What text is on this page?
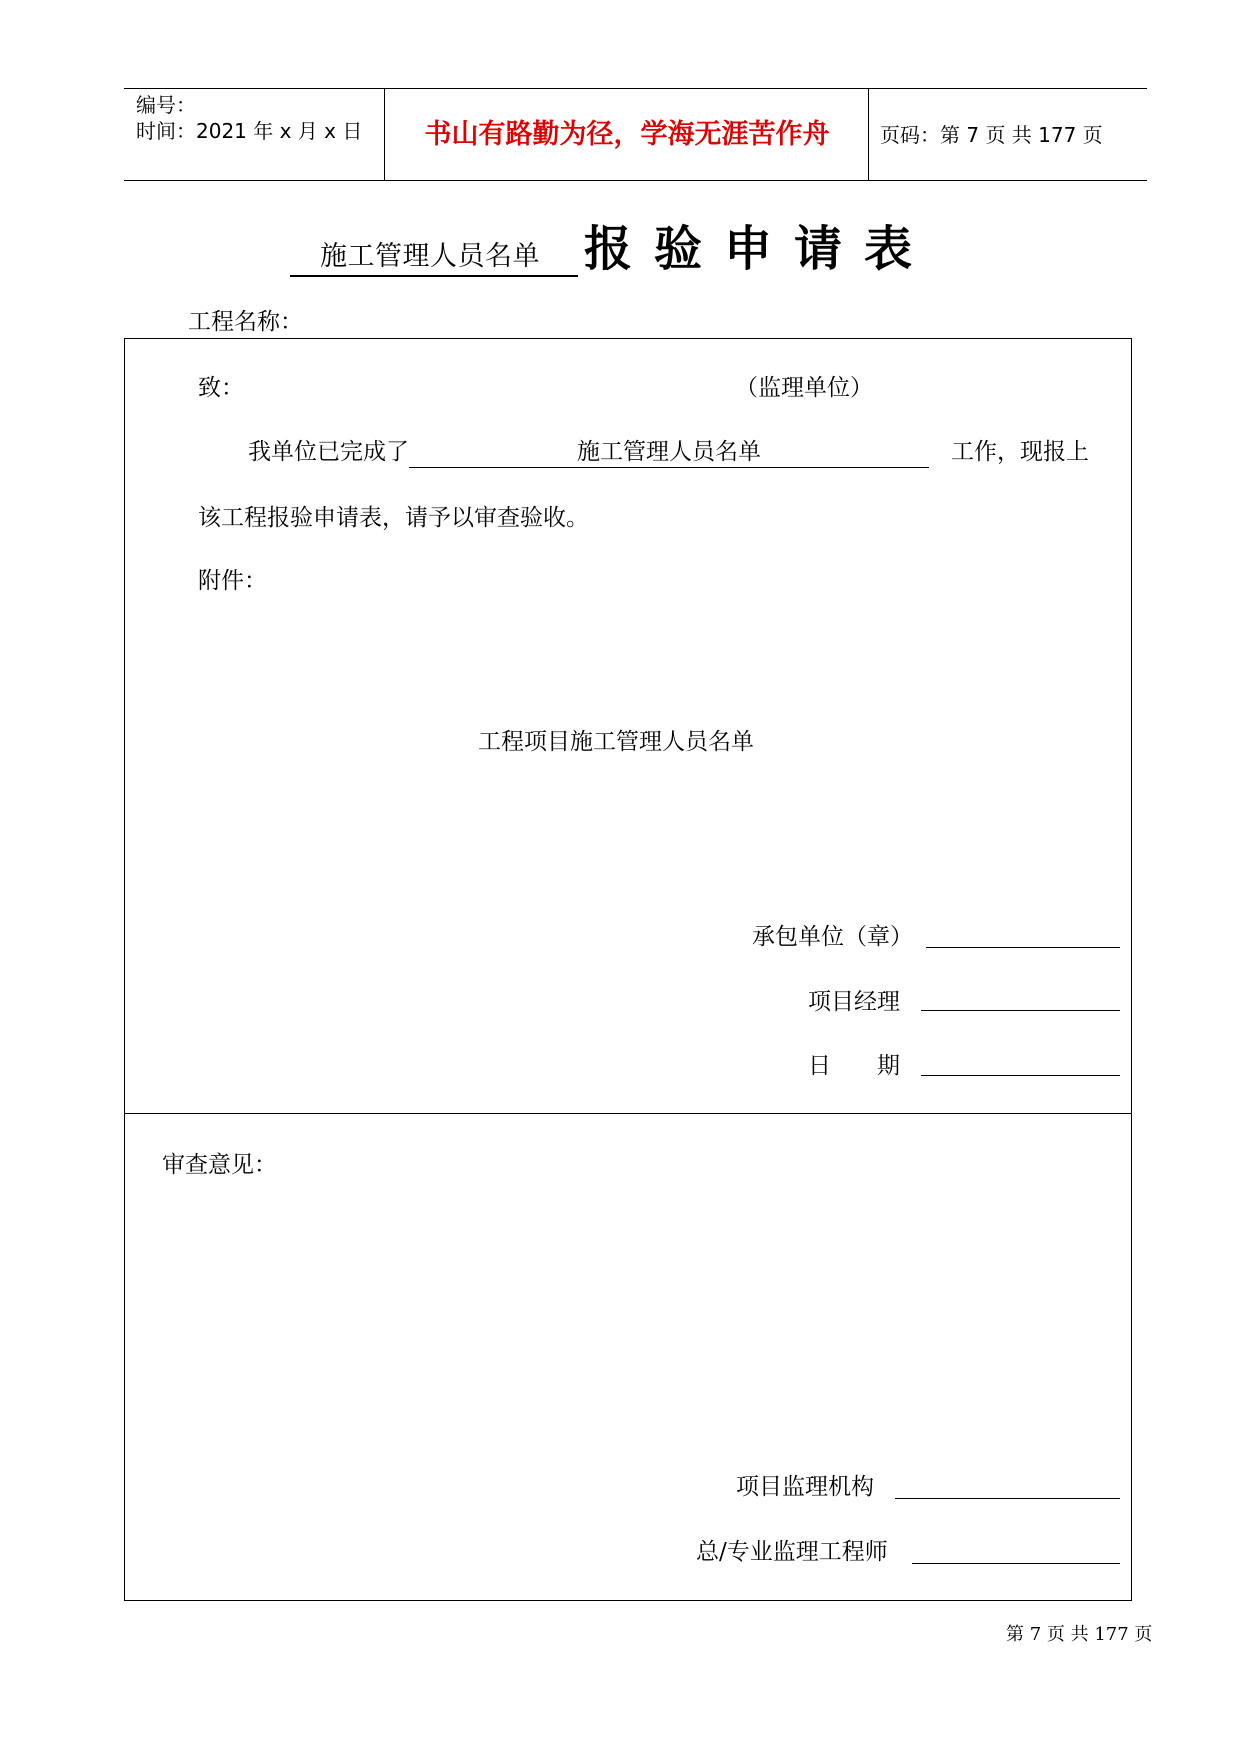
编号：
时间：2021 年 x 月 x 日	书山有路勤为径，学海无涯苦作舟	页码：第 7 页 共 177 页
施工管理人员名单 报验申请表
工程名称：
致：	（监理单位）
我单位已完成了	施工管理人员名单	工作，现报上
该工程报验申请表，请予以审查验收。
附件：
工程项目施工管理人员名单
承包单位（章）
项目经理
日　　期
审查意见：
项目监理机构
总/专业监理工程师
第 7 页 共 177 页
